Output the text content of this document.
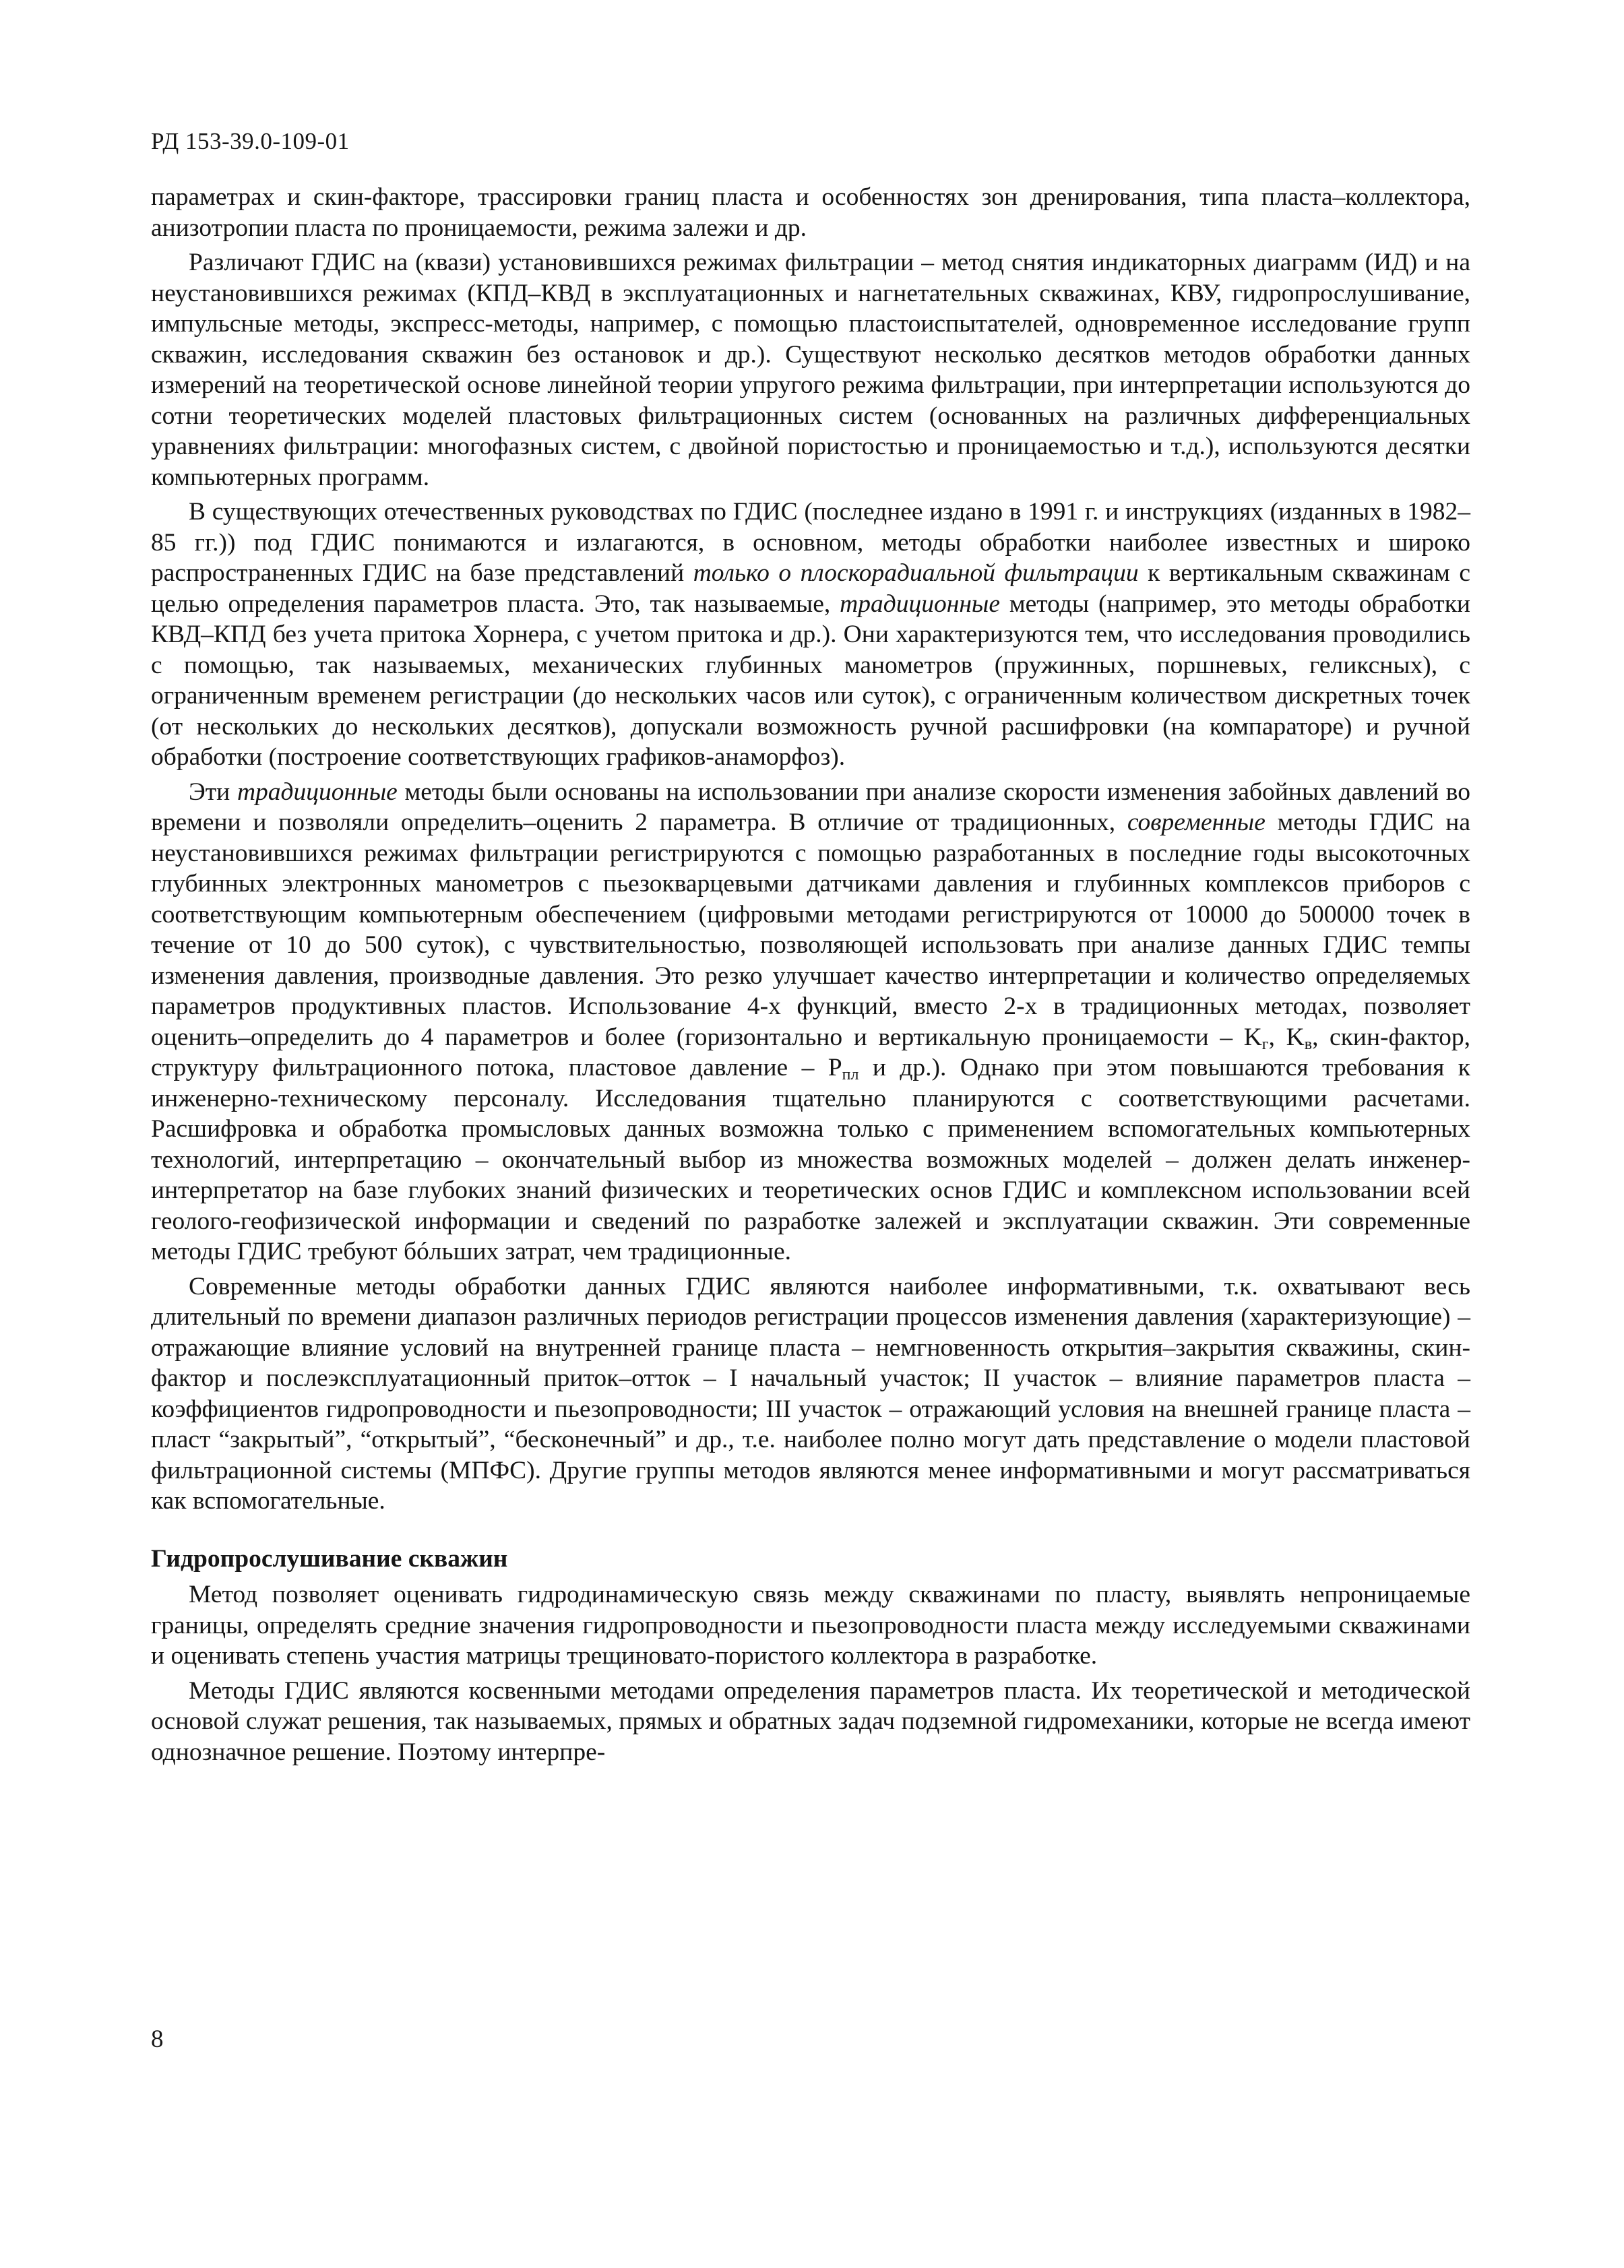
РД 153-39.0-109-01

параметрах и скин-факторе, трассировки границ пласта и особенностях зон дренирования, типа пласта–коллектора, анизотропии пласта по проницаемости, режима залежи и др.

Различают ГДИС на (квази) установившихся режимах фильтрации – метод снятия индикаторных диаграмм (ИД) и на неустановившихся режимах (КПД–КВД в эксплуатационных и нагнетательных скважинах, КВУ, гидропрослушивание, импульсные методы, экспресс-методы, например, с помощью пластоиспытателей, одновременное исследование групп скважин, исследования скважин без остановок и др.). Существуют несколько десятков методов обработки данных измерений на теоретической основе линейной теории упругого режима фильтрации, при интерпретации используются до сотни теоретических моделей пластовых фильтрационных систем (основанных на различных дифференциальных уравнениях фильтрации: многофазных систем, с двойной пористостью и проницаемостью и т.д.), используются десятки компьютерных программ.

В существующих отечественных руководствах по ГДИС (последнее издано в 1991 г. и инструкциях (изданных в 1982–85 гг.)) под ГДИС понимаются и излагаются, в основном, методы обработки наиболее известных и широко распространенных ГДИС на базе представлений только о плоскорадиальной фильтрации к вертикальным скважинам с целью определения параметров пласта. Это, так называемые, традиционные методы (например, это методы обработки КВД–КПД без учета притока Хорнера, с учетом притока и др.). Они характеризуются тем, что исследования проводились с помощью, так называемых, механических глубинных манометров (пружинных, поршневых, геликсных), с ограниченным временем регистрации (до нескольких часов или суток), с ограниченным количеством дискретных точек (от нескольких до нескольких десятков), допускали возможность ручной расшифровки (на компараторе) и ручной обработки (построение соответствующих графиков-анаморфоз).

Эти традиционные методы были основаны на использовании при анализе скорости изменения забойных давлений во времени и позволяли определить–оценить 2 параметра. В отличие от традиционных, современные методы ГДИС на неустановившихся режимах фильтрации регистрируются с помощью разработанных в последние годы высокоточных глубинных электронных манометров с пьезокварцевыми датчиками давления и глубинных комплексов приборов с соответствующим компьютерным обеспечением (цифровыми методами регистрируются от 10000 до 500000 точек в течение от 10 до 500 суток), с чувствительностью, позволяющей использовать при анализе данных ГДИС темпы изменения давления, производные давления. Это резко улучшает качество интерпретации и количество определяемых параметров продуктивных пластов. Использование 4-х функций, вместо 2-х в традиционных методах, позволяет оценить–определить до 4 параметров и более (горизонтально и вертикальную проницаемости – $K_г$, $K_в$, скин-фактор, структуру фильтрационного потока, пластовое давление – $P_{пл}$ и др.). Однако при этом повышаются требования к инженерно-техническому персоналу. Исследования тщательно планируются с соответствующими расчетами. Расшифровка и обработка промысловых данных возможна только с применением вспомогательных компьютерных технологий, интерпретацию – окончательный выбор из множества возможных моделей – должен делать инженер-интерпретатор на базе глубоких знаний физических и теоретических основ ГДИС и комплексном использовании всей геолого-геофизической информации и сведений по разработке залежей и эксплуатации скважин. Эти современные методы ГДИС требуют бóльших затрат, чем традиционные.

Современные методы обработки данных ГДИС являются наиболее информативными, т.к. охватывают весь длительный по времени диапазон различных периодов регистрации процессов изменения давления (характеризующие) – отражающие влияние условий на внутренней границе пласта – немгновенность открытия–закрытия скважины, скин-фактор и послеэксплуатационный приток–отток – I начальный участок; II участок – влияние параметров пласта – коэффициентов гидропроводности и пьезопроводности; III участок – отражающий условия на внешней границе пласта – пласт “закрытый”, “открытый”, “бесконечный” и др., т.е. наиболее полно могут дать представление о модели пластовой фильтрационной системы (МПФС). Другие группы методов являются менее информативными и могут рассматриваться как вспомогательные.

Гидропрослушивание скважин

Метод позволяет оценивать гидродинамическую связь между скважинами по пласту, выявлять непроницаемые границы, определять средние значения гидропроводности и пьезопроводности пласта между исследуемыми скважинами и оценивать степень участия матрицы трещиновато-пористого коллектора в разработке.

Методы ГДИС являются косвенными методами определения параметров пласта. Их теоретической и методической основой служат решения, так называемых, прямых и обратных задач подземной гидромеханики, которые не всегда имеют однозначное решение. Поэтому интерпре-

8
